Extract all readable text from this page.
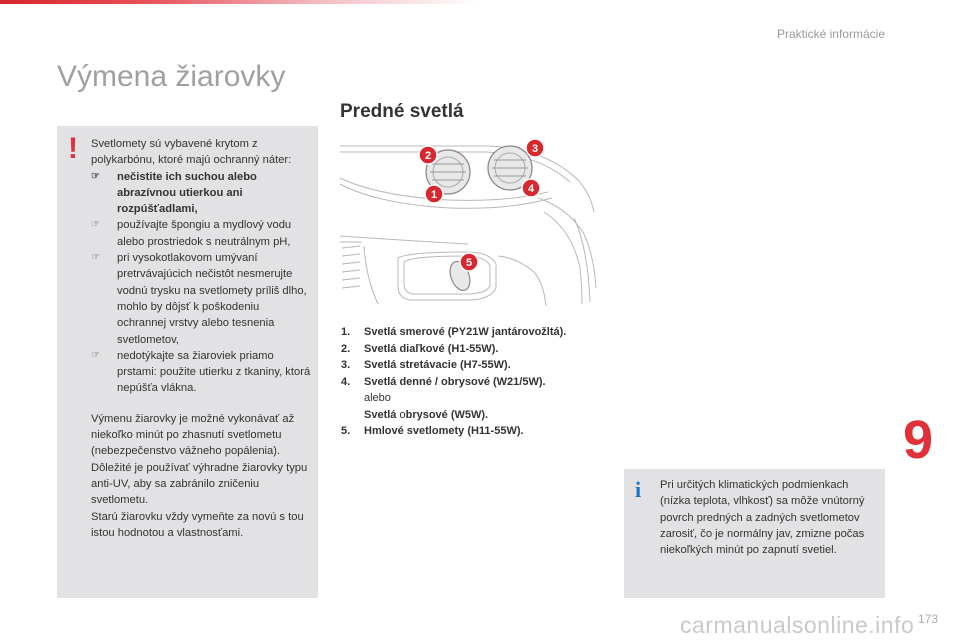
Praktické informácie
Výmena žiarovky
Predné svetlá
! Svetlomety sú vybavené krytom z polykarbónu, ktoré majú ochranný náter:

☞ nečistite ich suchou alebo abrazívnou utierkou ani rozpúšťadlami,
☞ používajte špongiu a mydlový vodu alebo prostriedok s neutrálnym pH,
☞ pri vysokotlakovom umývaní pretrvávajúcich nečistôt nesmerujte vodnú trysku na svetlomety príliš dlho, mohlo by dôjsť k poškodeniu ochrannej vrstvy alebo tesnenia svetlometov,
☞ nedotýkajte sa žiaroviek priamo prstami: použite utierku z tkaniny, ktorá nepúšťa vlákna.

Výmenu žiarovky je možné vykonávať až niekoľko minút po zhasnutí svetlometu (nebezpečenstvo vážneho popálenia).

Dôležité je používať výhradne žiarovky typu anti-UV, aby sa zabránilo zničeniu svetlometu.

Starú žiarovku vždy vymeňte za novú s tou istou hodnotou a vlastnosťami.

1
2
3
4
5
1. Svetlá smerové (PY21W jantárovožltá).
2. Svetlá diaľkové (H1-55W).
3. Svetlá stretávacie (H7-55W).
4. Svetlá denné / obrysové (W21/5W).
alebo
Svetlá obrysové (W5W).
5. Hmlové svetlomety (H11-55W).	9
i Pri určitých klimatických podmienkach (nízka teplota, vlhkosť) sa môže vnútorný povrch predných a zadných svetlometov zarosiť, čo je normálny jav, zmizne počas niekoľkých minút po zapnutí svetiel.

carmanualsonline.info 173
